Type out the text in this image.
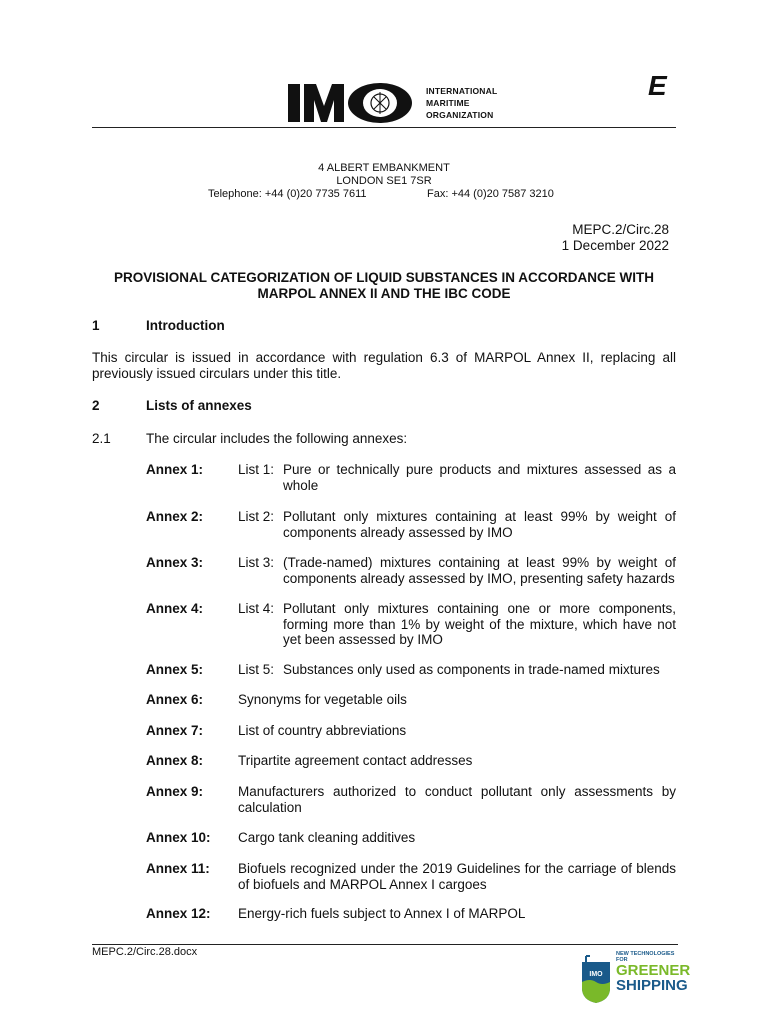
E
INTERNATIONAL
MARITIME
ORGANIZATION
4 ALBERT EMBANKMENT
LONDON SE1 7SR
Telephone: +44 (0)20 7735 7611	Fax: +44 (0)20 7587 3210
MEPC.2/Circ.28
1 December 2022
PROVISIONAL CATEGORIZATION OF LIQUID SUBSTANCES IN ACCORDANCE WITH
MARPOL ANNEX II AND THE IBC CODE
1	Introduction
This circular is issued in accordance with regulation 6.3 of MARPOL Annex II, replacing all previously issued circulars under this title.
2	Lists of annexes
2.1	The circular includes the following annexes:
Annex 1:	List 1: Pure or technically pure products and mixtures assessed as a whole
Annex 2:	List 2: Pollutant only mixtures containing at least 99% by weight of components already assessed by IMO
Annex 3:	List 3: (Trade-named) mixtures containing at least 99% by weight of components already assessed by IMO, presenting safety hazards
Annex 4:	List 4: Pollutant only mixtures containing one or more components, forming more than 1% by weight of the mixture, which have not yet been assessed by IMO
Annex 5:	List 5: Substances only used as components in trade-named mixtures
Annex 6:	Synonyms for vegetable oils
Annex 7:	List of country abbreviations
Annex 8:	Tripartite agreement contact addresses
Annex 9:	Manufacturers authorized to conduct pollutant only assessments by calculation
Annex 10: Cargo tank cleaning additives
Annex 11: Biofuels recognized under the 2019 Guidelines for the carriage of blends of biofuels and MARPOL Annex I cargoes
Annex 12: Energy-rich fuels subject to Annex I of MARPOL
MEPC.2/Circ.28.docx
IMO
NEW TECHNOLOGIES FOR
GREENER
SHIPPING
